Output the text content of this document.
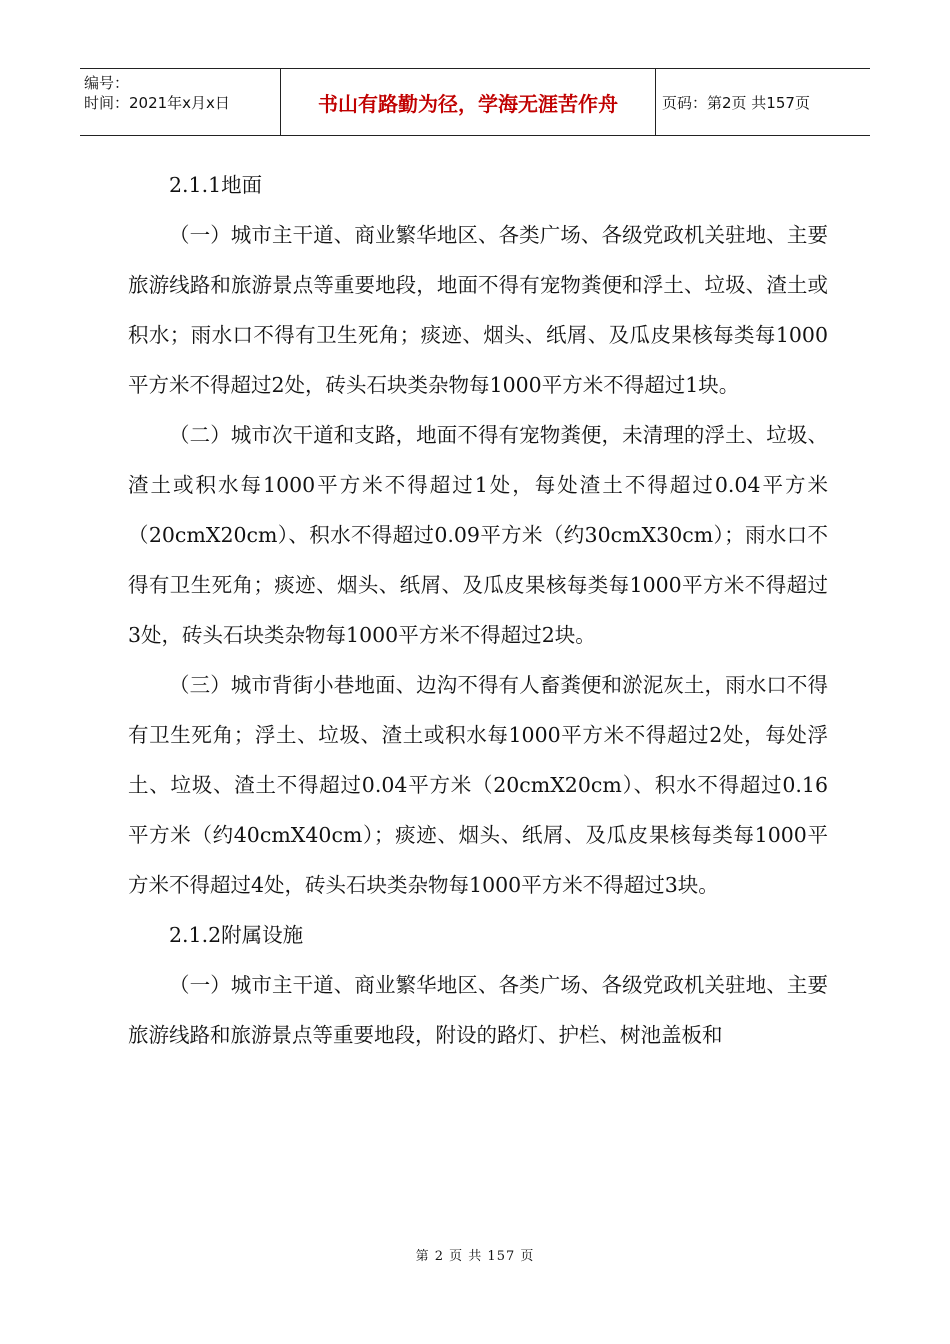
编号：
时间：2021年x月x日	书山有路勤为径，学海无涯苦作舟	页码：第2页 共157页

2.1.1地面

（一）城市主干道、商业繁华地区、各类广场、各级党政机关驻地、主要旅游线路和旅游景点等重要地段，地面不得有宠物粪便和浮土、垃圾、渣土或积水；雨水口不得有卫生死角；痰迹、烟头、纸屑、及瓜皮果核每类每1000平方米不得超过2处，砖头石块类杂物每1000平方米不得超过1块。

（二）城市次干道和支路，地面不得有宠物粪便，未清理的浮土、垃圾、渣土或积水每1000平方米不得超过1处，每处渣土不得超过0.04平方米（20cmX20cm）、积水不得超过0.09平方米（约30cmX30cm）；雨水口不得有卫生死角；痰迹、烟头、纸屑、及瓜皮果核每类每1000平方米不得超过3处，砖头石块类杂物每1000平方米不得超过2块。

（三）城市背街小巷地面、边沟不得有人畜粪便和淤泥灰土，雨水口不得有卫生死角；浮土、垃圾、渣土或积水每1000平方米不得超过2处，每处浮土、垃圾、渣土不得超过0.04平方米（20cmX20cm）、积水不得超过0.16平方米（约40cmX40cm）；痰迹、烟头、纸屑、及瓜皮果核每类每1000平方米不得超过4处，砖头石块类杂物每1000平方米不得超过3块。

2.1.2附属设施

（一）城市主干道、商业繁华地区、各类广场、各级党政机关驻地、主要旅游线路和旅游景点等重要地段，附设的路灯、护栏、树池盖板和

第 2 页 共 157 页
